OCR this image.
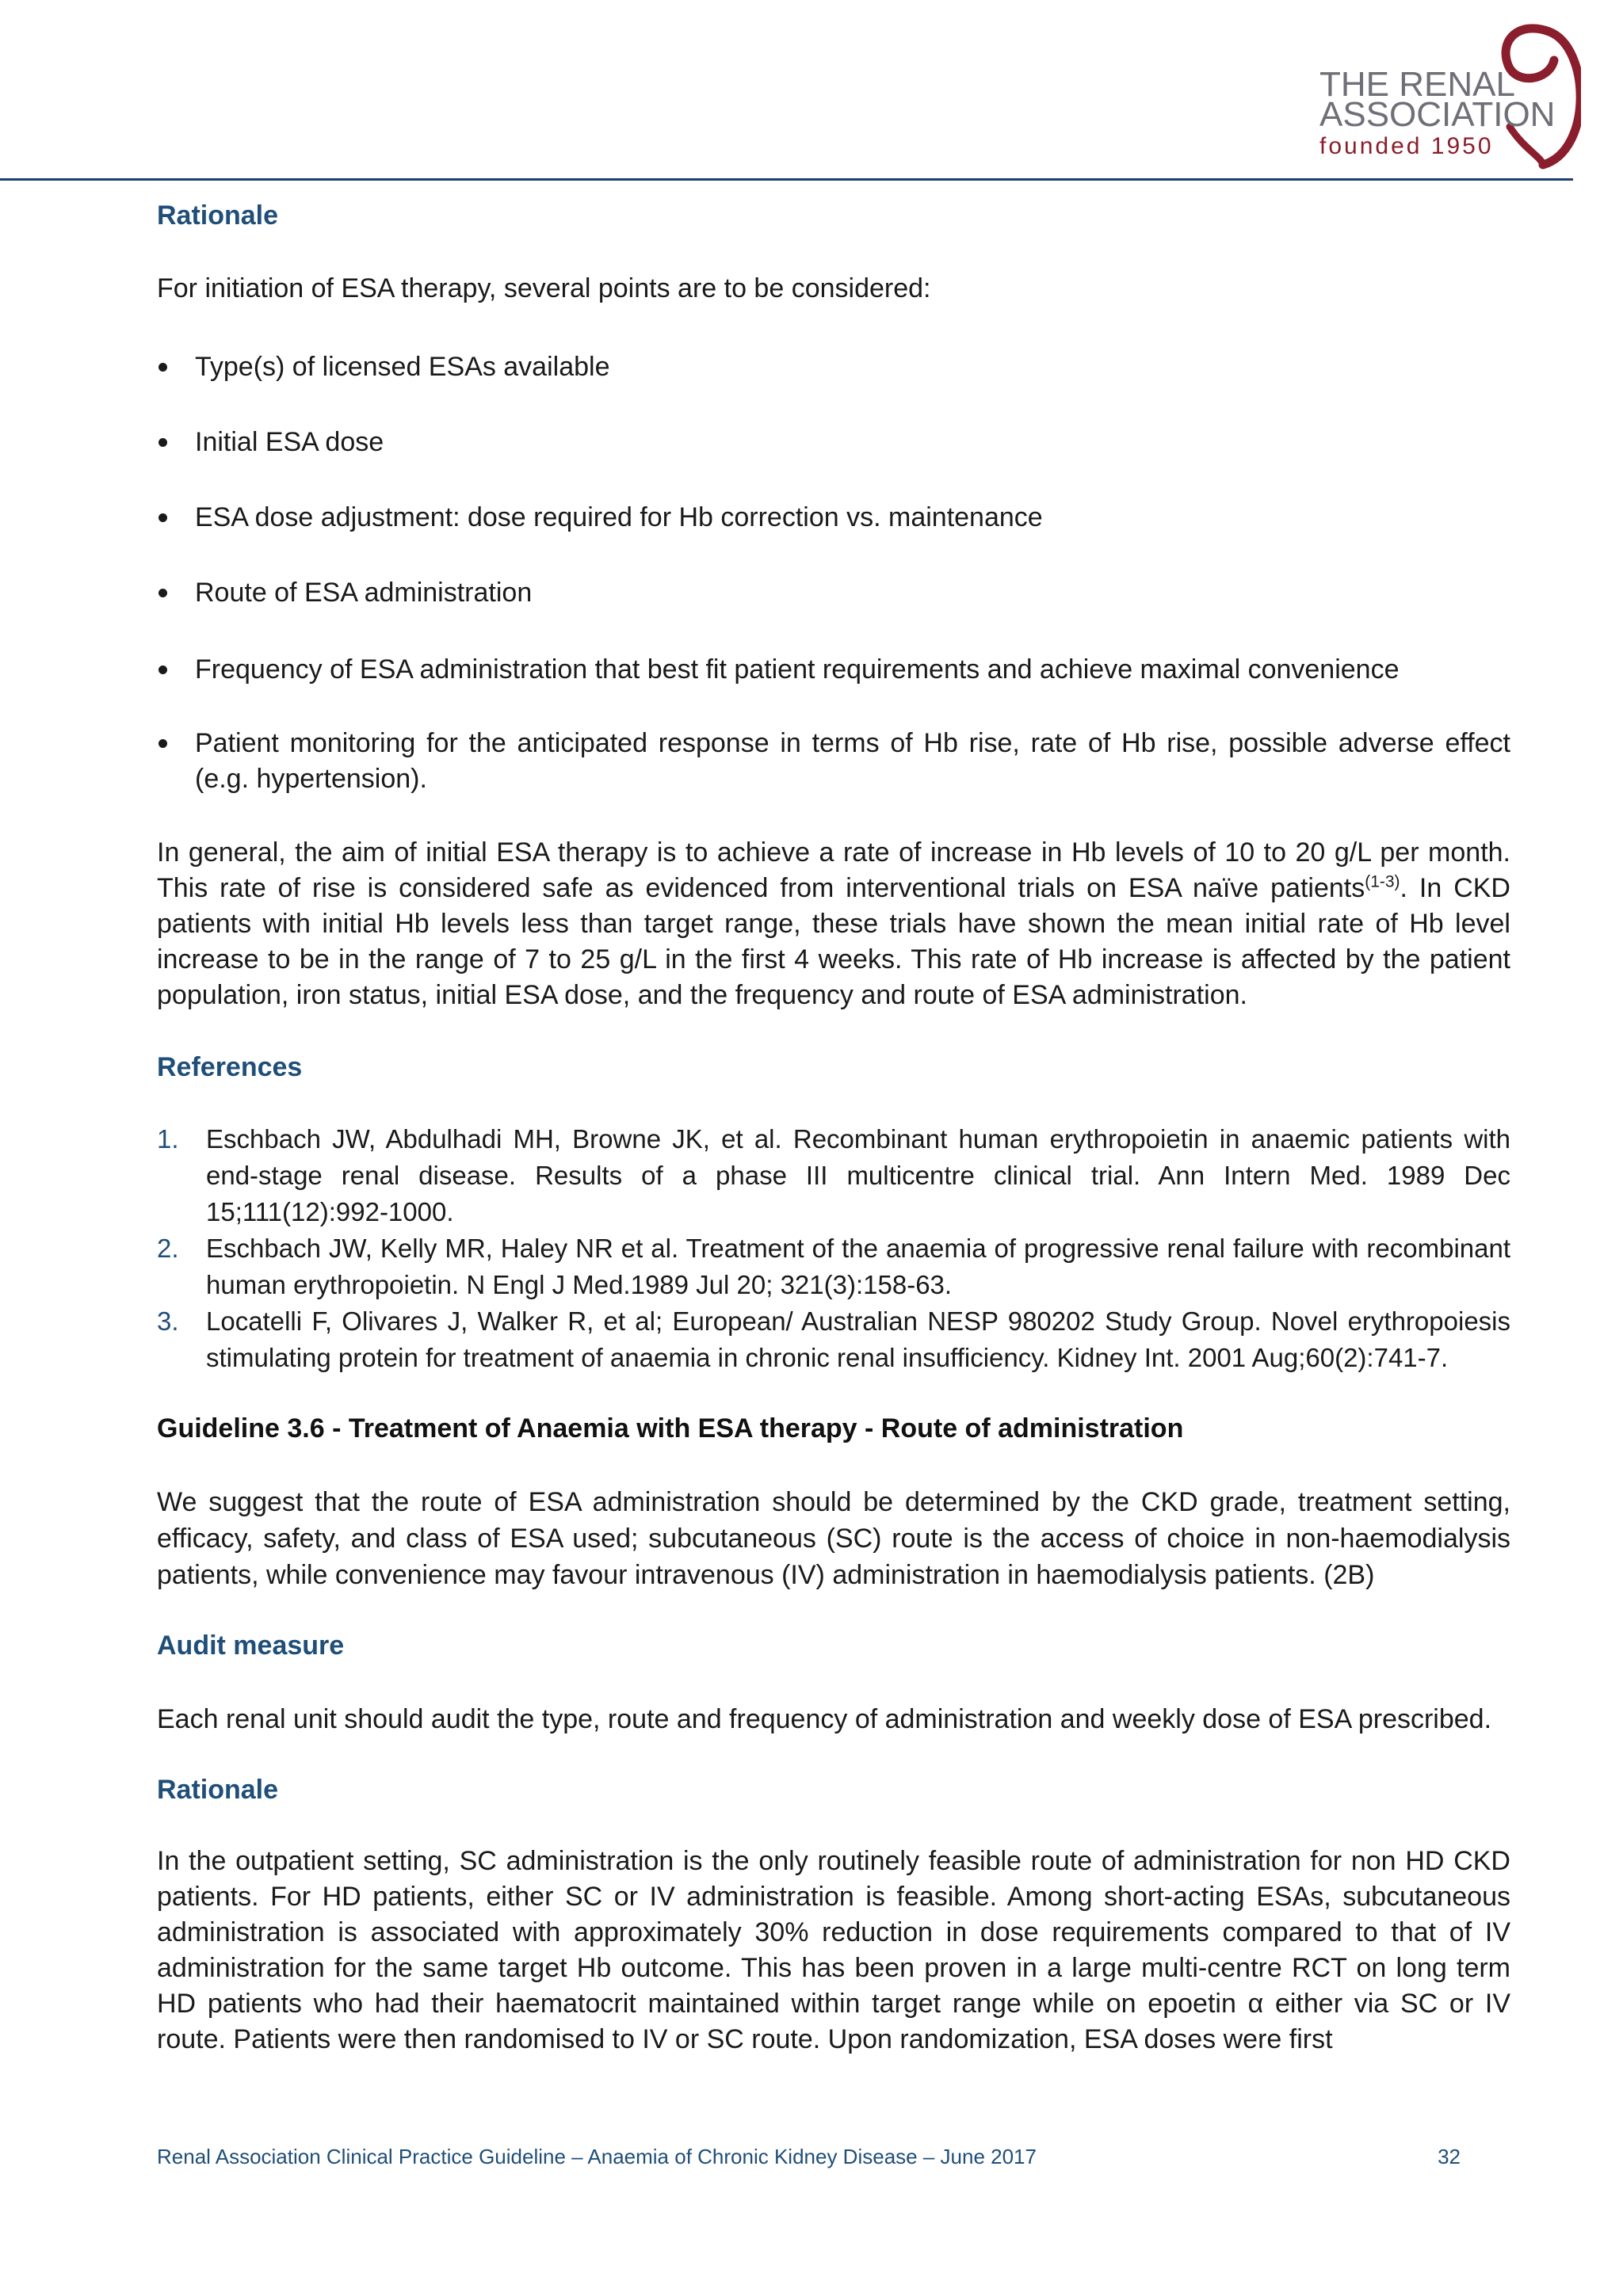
THE RENAL
ASSOCIATION
founded 1950
Rationale

For initiation of ESA therapy, several points are to be considered:

Type(s) of licensed ESAs available
Initial ESA dose
ESA dose adjustment: dose required for Hb correction vs. maintenance
Route of ESA administration
Frequency of ESA administration that best fit patient requirements and achieve maximal convenience
Patient monitoring for the anticipated response in terms of Hb rise, rate of Hb rise, possible adverse effect (e.g. hypertension).

In general, the aim of initial ESA therapy is to achieve a rate of increase in Hb levels of 10 to 20 g/L per month. This rate of rise is considered safe as evidenced from interventional trials on ESA naïve patients$^{(1-3)}$. In CKD patients with initial Hb levels less than target range, these trials have shown the mean initial rate of Hb level increase to be in the range of 7 to 25 g/L in the first 4 weeks. This rate of Hb increase is affected by the patient population, iron status, initial ESA dose, and the frequency and route of ESA administration.

References
1. Eschbach JW, Abdulhadi MH, Browne JK, et al. Recombinant human erythropoietin in anaemic patients with end-stage renal disease. Results of a phase III multicentre clinical trial. Ann Intern Med. 1989 Dec 15;111(12):992-1000.
2. Eschbach JW, Kelly MR, Haley NR et al. Treatment of the anaemia of progressive renal failure with recombinant human erythropoietin. N Engl J Med.1989 Jul 20; 321(3):158-63.
3. Locatelli F, Olivares J, Walker R, et al; European/ Australian NESP 980202 Study Group. Novel erythropoiesis stimulating protein for treatment of anaemia in chronic renal insufficiency. Kidney Int. 2001 Aug;60(2):741-7.
Guideline 3.6 - Treatment of Anaemia with ESA therapy - Route of administration

We suggest that the route of ESA administration should be determined by the CKD grade, treatment setting, efficacy, safety, and class of ESA used; subcutaneous (SC) route is the access of choice in non-haemodialysis patients, while convenience may favour intravenous (IV) administration in haemodialysis patients. (2B)

Audit measure

Each renal unit should audit the type, route and frequency of administration and weekly dose of ESA prescribed.

Rationale

In the outpatient setting, SC administration is the only routinely feasible route of administration for non HD CKD patients. For HD patients, either SC or IV administration is feasible. Among short-acting ESAs, subcutaneous administration is associated with approximately 30% reduction in dose requirements compared to that of IV administration for the same target Hb outcome. This has been proven in a large multi-centre RCT on long term HD patients who had their haematocrit maintained within target range while on epoetin α either via SC or IV route. Patients were then randomised to IV or SC route. Upon randomization, ESA doses were first

Renal Association Clinical Practice Guideline – Anaemia of Chronic Kidney Disease – June 2017	32
